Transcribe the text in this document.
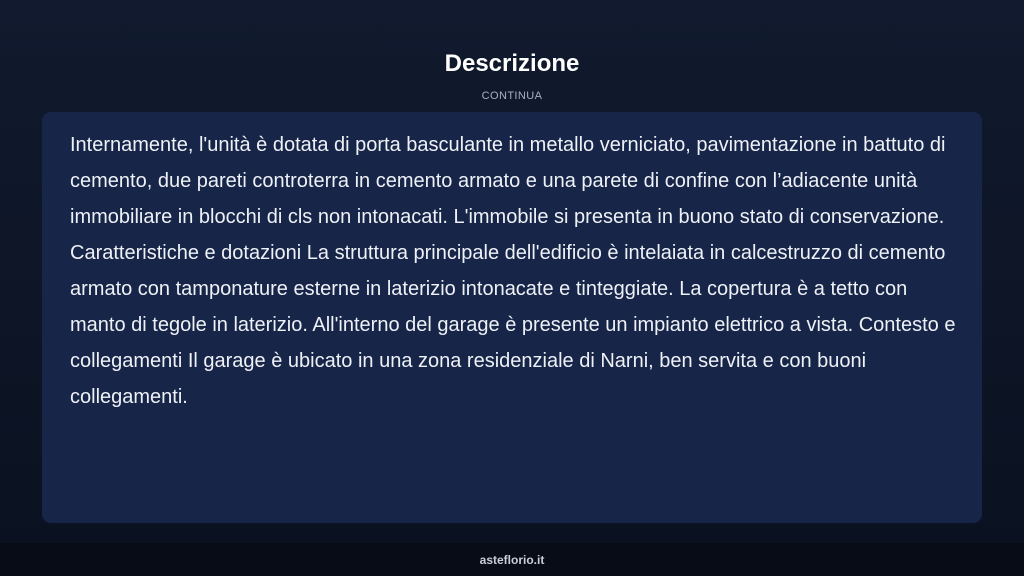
Descrizione
CONTINUA

Internamente, l'unità è dotata di porta basculante in metallo verniciato, pavimentazione in battuto di cemento, due pareti controterra in cemento armato e una parete di confine con l’adiacente unità immobiliare in blocchi di cls non intonacati. L'immobile si presenta in buono stato di conservazione. Caratteristiche e dotazioni La struttura principale dell'edificio è intelaiata in calcestruzzo di cemento armato con tamponature esterne in laterizio intonacate e tinteggiate. La copertura è a tetto con manto di tegole in laterizio. All'interno del garage è presente un impianto elettrico a vista. Contesto e collegamenti Il garage è ubicato in una zona residenziale di Narni, ben servita e con buoni collegamenti.

asteflorio.it
